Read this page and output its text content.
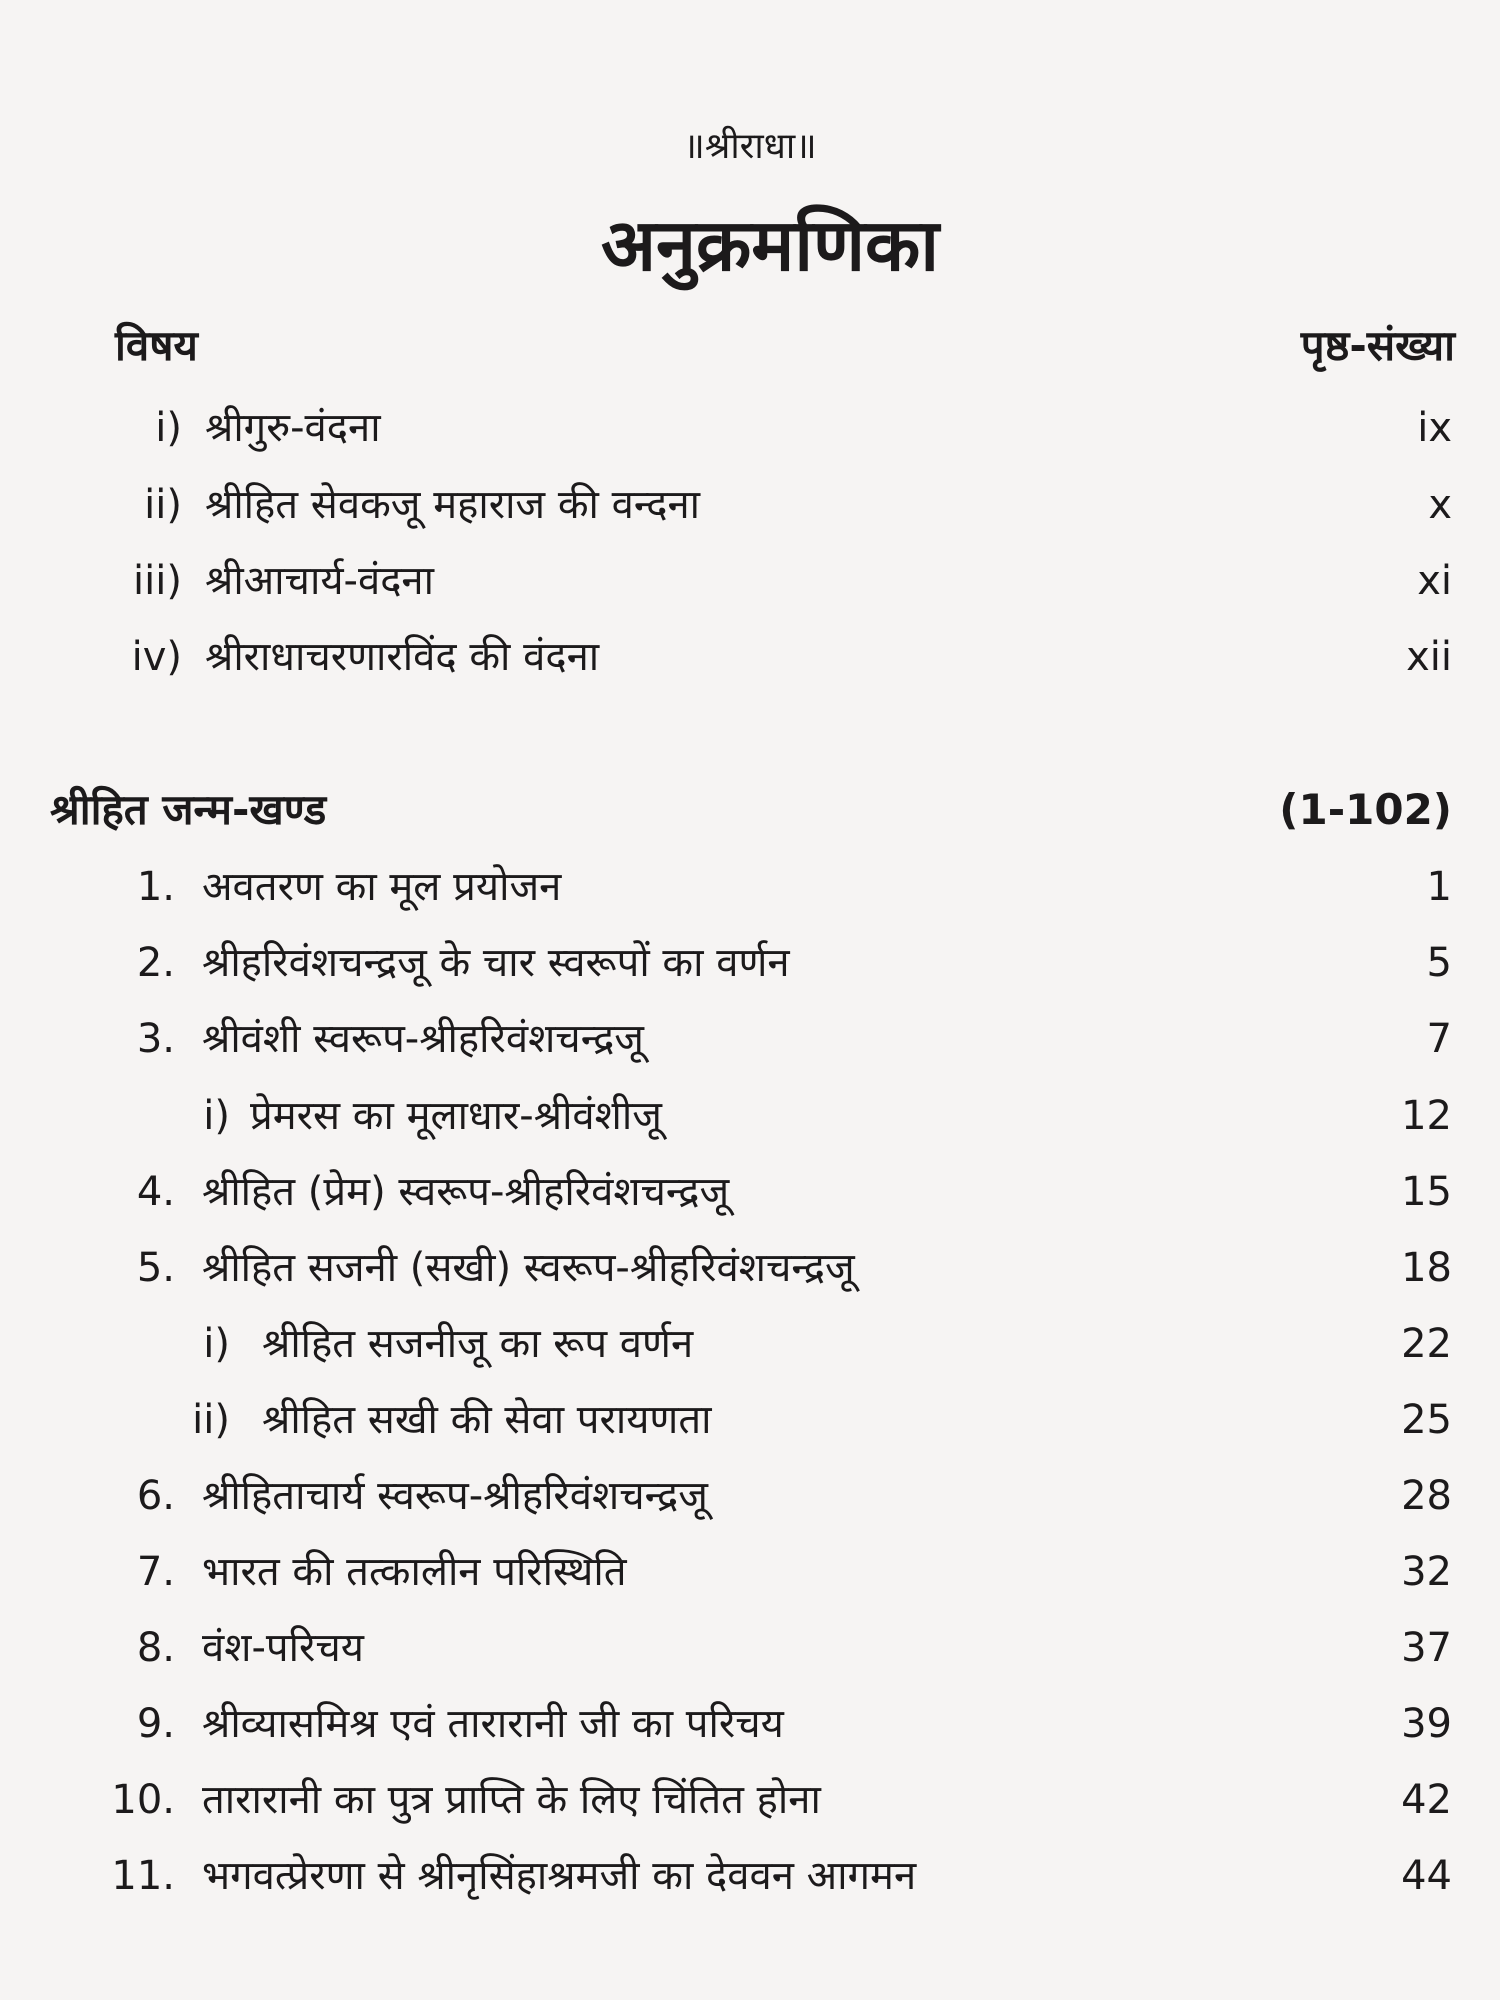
॥श्रीराधा॥
अनुक्रमणिका
विषय	पृष्ठ-संख्या
i) श्रीगुरु-वंदना	ix
ii) श्रीहित सेवकजू महाराज की वन्दना	x
iii) श्रीआचार्य-वंदना	xi
iv) श्रीराधाचरणारविंद की वंदना	xii
श्रीहित जन्म-खण्ड	(1-102)
1. अवतरण का मूल प्रयोजन	1
2. श्रीहरिवंशचन्द्रजू के चार स्वरूपों का वर्णन	5
3. श्रीवंशी स्वरूप-श्रीहरिवंशचन्द्रजू	7
i) प्रेमरस का मूलाधार-श्रीवंशीजू	12
4. श्रीहित (प्रेम) स्वरूप-श्रीहरिवंशचन्द्रजू	15
5. श्रीहित सजनी (सखी) स्वरूप-श्रीहरिवंशचन्द्रजू	18
i) श्रीहित सजनीजू का रूप वर्णन	22
ii) श्रीहित सखी की सेवा परायणता	25
6. श्रीहिताचार्य स्वरूप-श्रीहरिवंशचन्द्रजू	28
7. भारत की तत्कालीन परिस्थिति	32
8. वंश-परिचय	37
9. श्रीव्यासमिश्र एवं तारारानी जी का परिचय	39
10. तारारानी का पुत्र प्राप्ति के लिए चिंतित होना	42
11. भगवत्प्रेरणा से श्रीनृसिंहाश्रमजी का देववन आगमन	44
